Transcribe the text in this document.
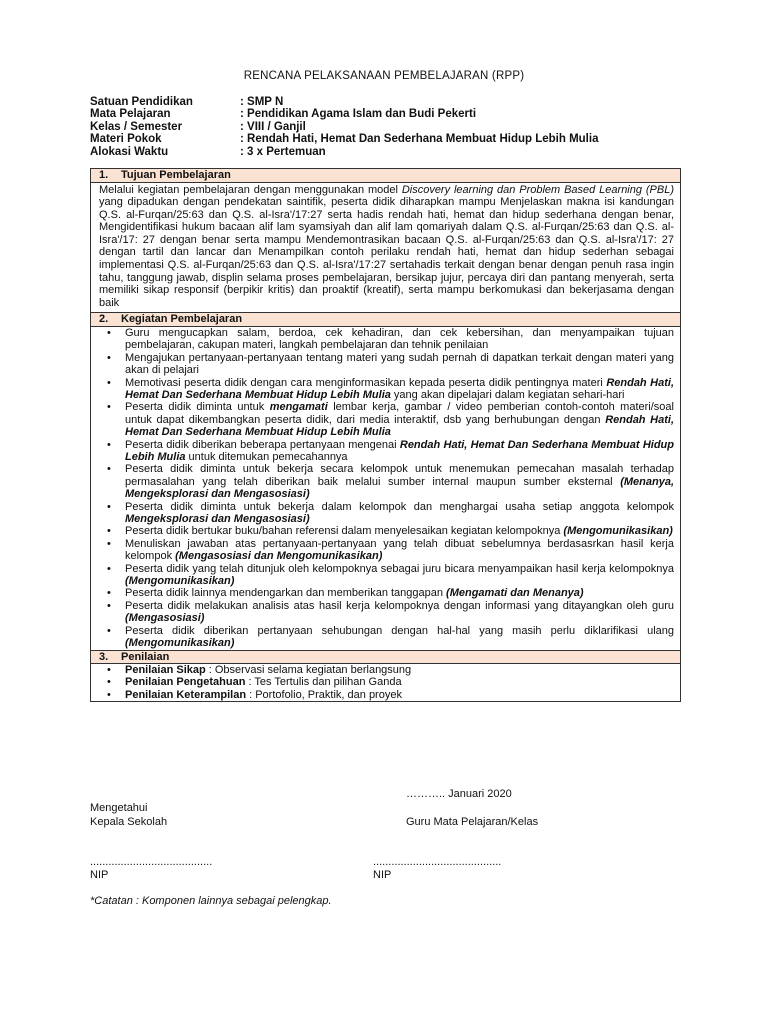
RENCANA PELAKSANAAN PEMBELAJARAN (RPP)
Satuan Pendidikan	: SMP N
Mata Pelajaran	: Pendidikan Agama Islam dan Budi Pekerti
Kelas / Semester	: VIII / Ganjil
Materi Pokok	: Rendah Hati, Hemat Dan Sederhana Membuat Hidup Lebih Mulia
Alokasi Waktu	: 3 x Pertemuan
1. Tujuan Pembelajaran
Melalui kegiatan pembelajaran dengan menggunakan model Discovery learning dan Problem Based Learning (PBL) yang dipadukan dengan pendekatan saintifik, peserta didik diharapkan mampu Menjelaskan makna isi kandungan Q.S. al-Furqan/25:63 dan Q.S. al-Isra'/17:27 serta hadis rendah hati, hemat dan hidup sederhana dengan benar, Mengidentifikasi hukum bacaan alif lam syamsiyah dan alif lam qomariyah dalam Q.S. al-Furqan/25:63 dan Q.S. al-Isra'/17: 27 dengan benar serta mampu Mendemontrasikan bacaan Q.S. al-Furqan/25:63 dan Q.S. al-Isra'/17: 27 dengan tartil dan lancar dan Menampilkan contoh perilaku rendah hati, hemat dan hidup sederhan sebagai implementasi Q.S. al-Furqan/25:63 dan Q.S. al-Isra'/17:27 sertahadis terkait dengan benar dengan penuh rasa ingin tahu, tanggung jawab, displin selama proses pembelajaran, bersikap jujur, percaya diri dan pantang menyerah, serta memiliki sikap responsif (berpikir kritis) dan proaktif (kreatif), serta mampu berkomukasi dan bekerjasama dengan baik
2. Kegiatan Pembelajaran
• Guru mengucapkan salam, berdoa, cek kehadiran, dan cek kebersihan, dan menyampaikan tujuan pembelajaran, cakupan materi, langkah pembelajaran dan tehnik penilaian
• Mengajukan pertanyaan-pertanyaan tentang materi yang sudah pernah di dapatkan terkait dengan materi yang akan di pelajari
• Memotivasi peserta didik dengan cara menginformasikan kepada peserta didik pentingnya materi Rendah Hati, Hemat Dan Sederhana Membuat Hidup Lebih Mulia yang akan dipelajari dalam kegiatan sehari-hari
• Peserta didik diminta untuk mengamati lembar kerja, gambar / video pemberian contoh-contoh materi/soal untuk dapat dikembangkan peserta didik, dari media interaktif, dsb yang berhubungan dengan Rendah Hati, Hemat Dan Sederhana Membuat Hidup Lebih Mulia
• Peserta didik diberikan beberapa pertanyaan mengenai Rendah Hati, Hemat Dan Sederhana Membuat Hidup Lebih Mulia untuk ditemukan pemecahannya
• Peserta didik diminta untuk bekerja secara kelompok untuk menemukan pemecahan masalah terhadap permasalahan yang telah diberikan baik melalui sumber internal maupun sumber eksternal (Menanya, Mengeksplorasi dan Mengasosiasi)
• Peserta didik diminta untuk bekerja dalam kelompok dan menghargai usaha setiap anggota kelompok Mengeksplorasi dan Mengasosiasi)
• Peserta didik bertukar buku/bahan referensi dalam menyelesaikan kegiatan kelompoknya (Mengomunikasikan)
• Menuliskan jawaban atas pertanyaan-pertanyaan yang telah dibuat sebelumnya berdasasrkan hasil kerja kelompok (Mengasosiasi dan Mengomunikasikan)
• Peserta didik yang telah ditunjuk oleh kelompoknya sebagai juru bicara menyampaikan hasil kerja kelompoknya (Mengomunikasikan)
• Peserta didik lainnya mendengarkan dan memberikan tanggapan (Mengamati dan Menanya)
• Peserta didik melakukan analisis atas hasil kerja kelompoknya dengan informasi yang ditayangkan oleh guru (Mengasosiasi)
• Peserta didik diberikan pertanyaan sehubungan dengan hal-hal yang masih perlu diklarifikasi ulang (Mengomunikasikan)
3. Penilaian
• Penilaian Sikap : Observasi selama kegiatan berlangsung
• Penilaian Pengetahuan : Tes Tertulis dan pilihan Ganda
• Penilaian Keterampilan : Portofolio, Praktik, dan proyek
……….. Januari 2020
Mengetahui
Kepala Sekolah	Guru Mata Pelajaran/Kelas
........................................	..........................................
NIP	NIP
*Catatan : Komponen lainnya sebagai pelengkap.
